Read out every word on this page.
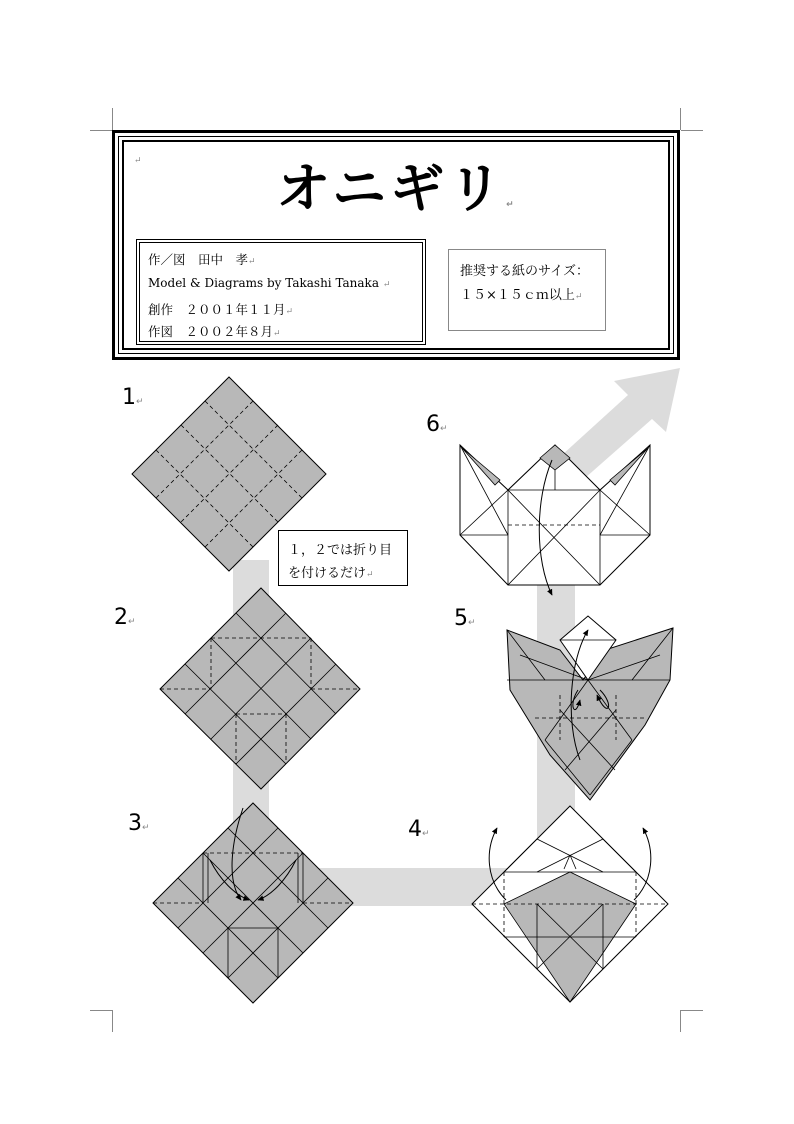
↵	オニギリ↵
作／図　田中　孝↵
Model & Diagrams by Takashi Tanaka ↵
創作　２００１年１１月↵
作図　２００２年８月↵
推奨する紙のサイズ：
１５×１５ｃｍ以上↵
１，２では折り目
を付けるだけ↵
1↵
2↵
3↵	4↵
5↵
6↵
